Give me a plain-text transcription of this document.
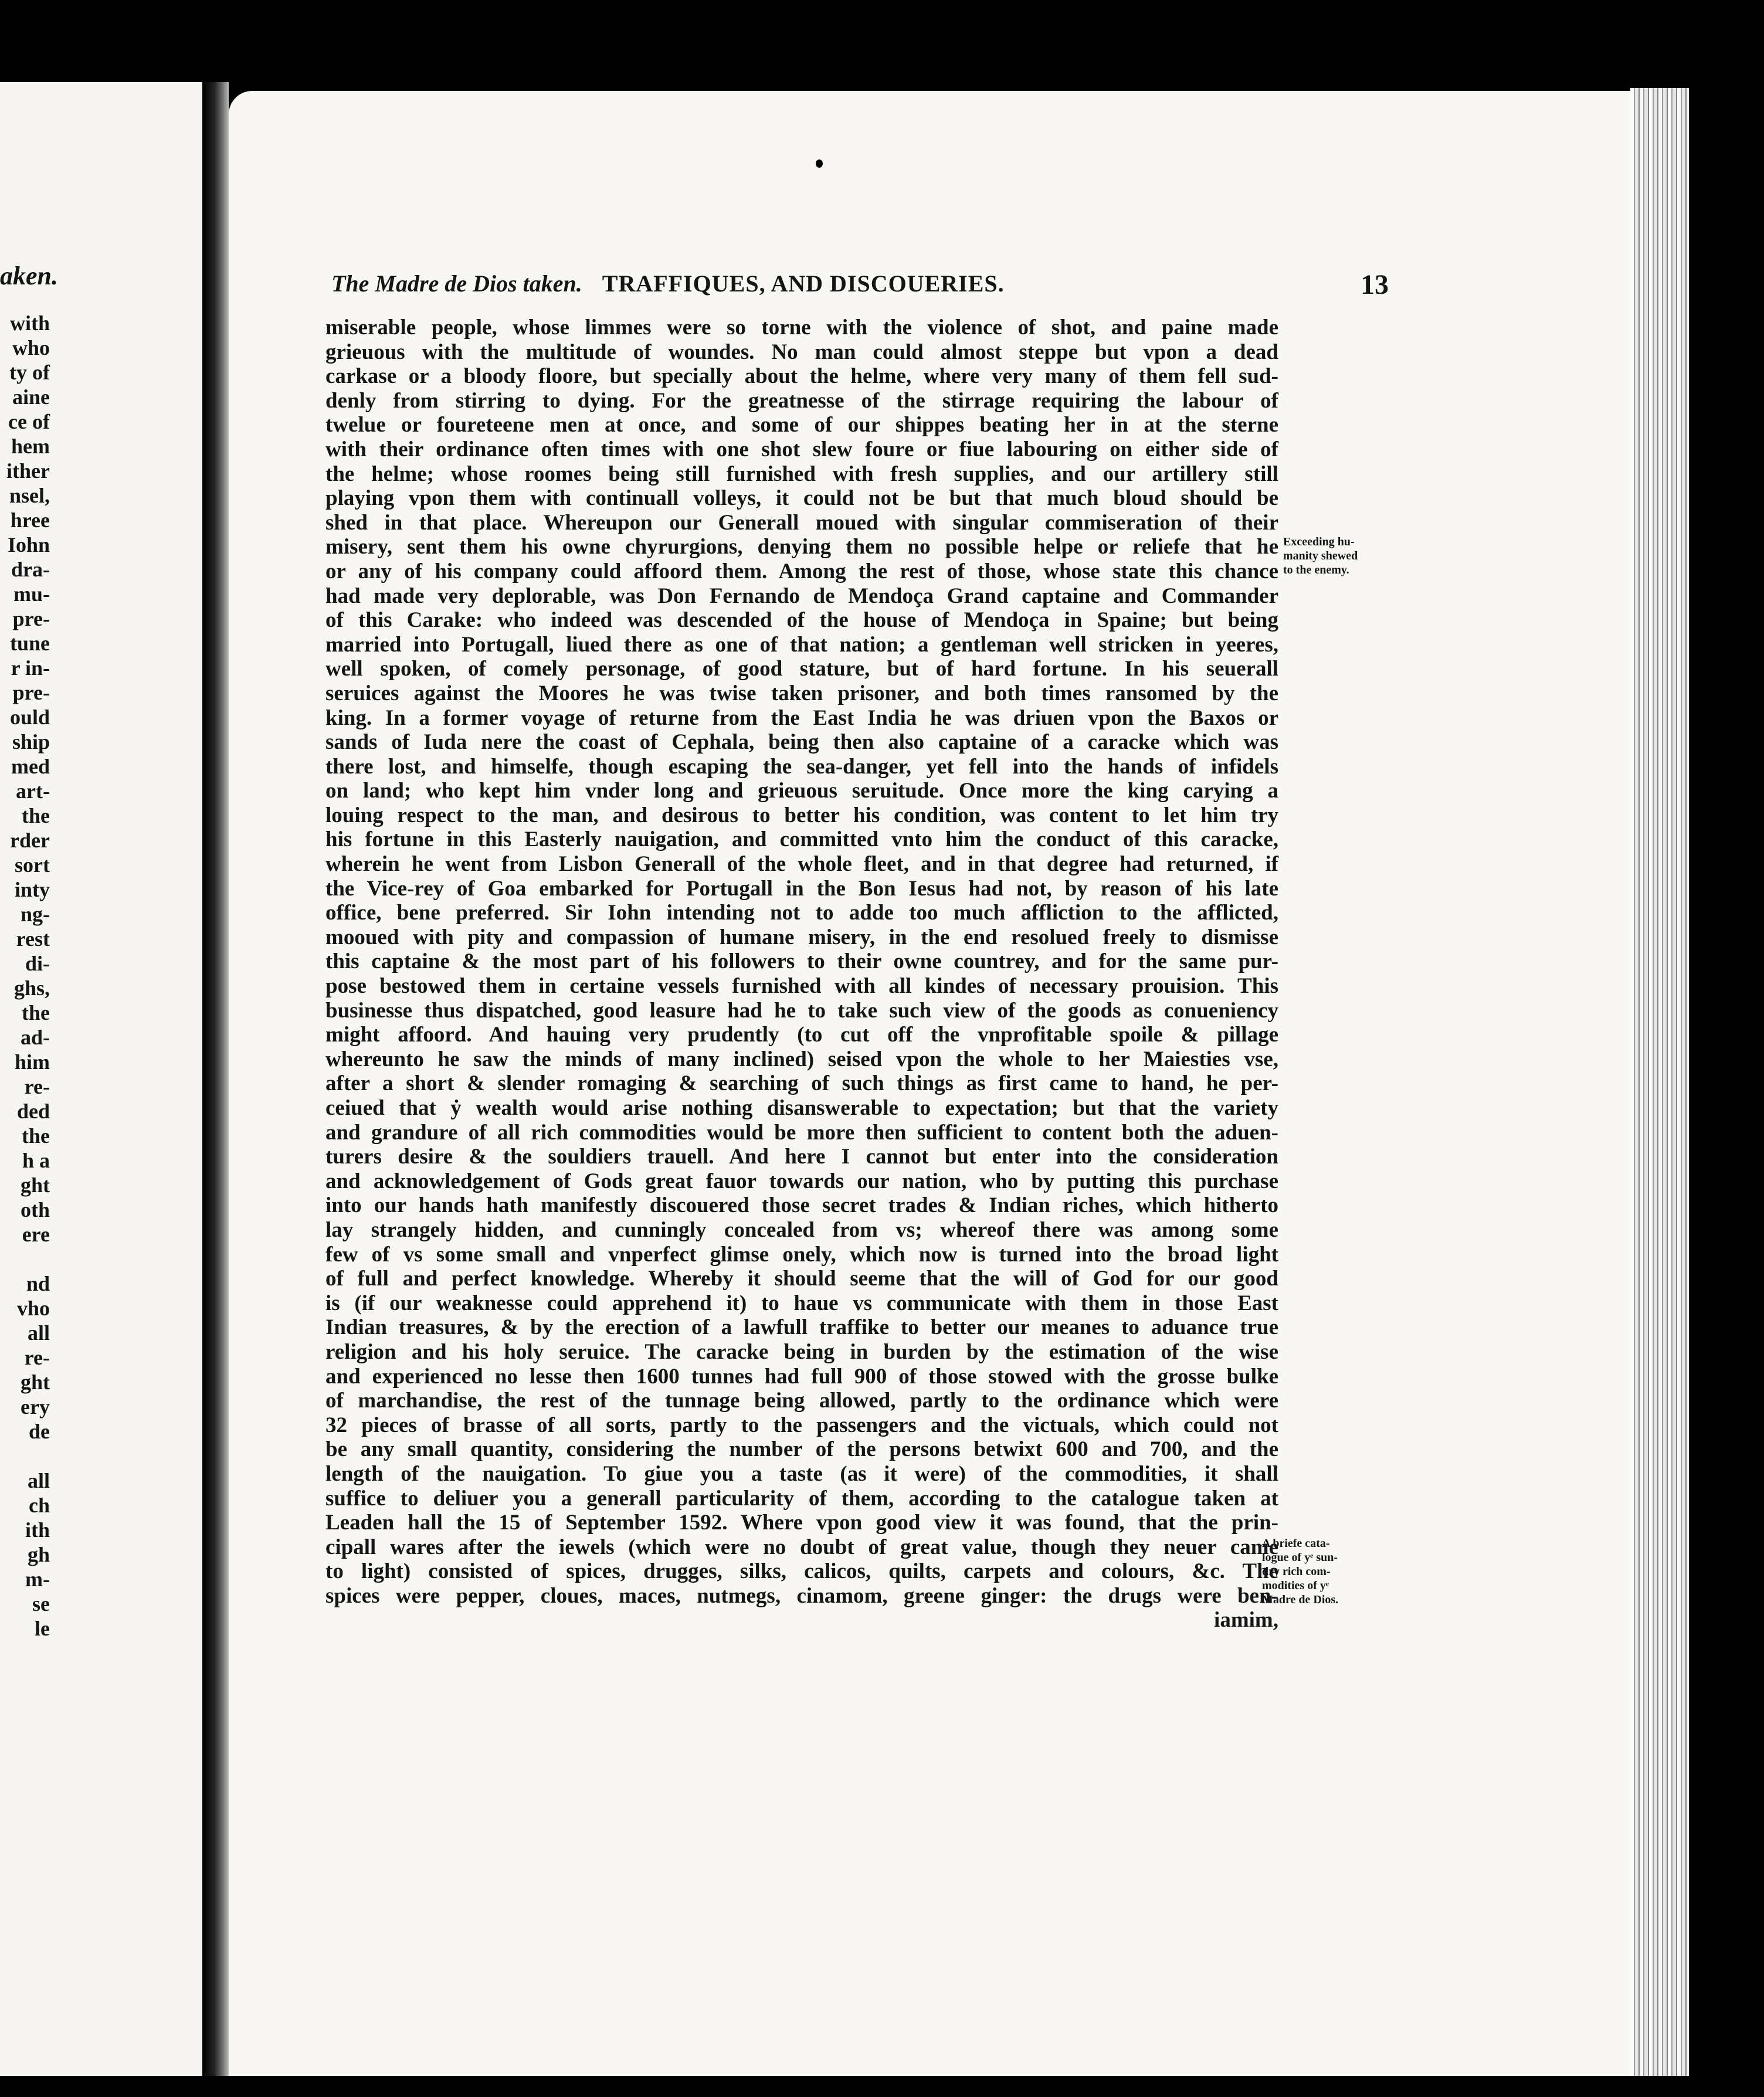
aken.
with
who
ty of
aine
ce of
hem
ither
nsel,
hree
Iohn
dra-
mu-
pre-
tune
r in-
pre-
ould
ship
med
art-
the
rder
sort
inty
ng-
rest
di-
ghs,
the
ad-
him
re-
ded
the
h a
ght
oth
ere
nd
vho
all
re-
ght
ery
de
all
ch
ith
gh
m-
se
le
The Madre de Dios taken. TRAFFIQUES, AND DISCOUERIES.	13
miserable people, whose limmes were so torne with the violence of shot, and paine made
grieuous with the multitude of woundes. No man could almost steppe but vpon a dead
carkase or a bloody floore, but specially about the helme, where very many of them fell sud-
denly from stirring to dying. For the greatnesse of the stirrage requiring the labour of
twelue or foureteene men at once, and some of our shippes beating her in at the sterne
with their ordinance often times with one shot slew foure or fiue labouring on either side of
the helme; whose roomes being still furnished with fresh supplies, and our artillery still
playing vpon them with continuall volleys, it could not be but that much bloud should be
shed in that place. Whereupon our Generall moued with singular commiseration of their
misery, sent them his owne chyrurgions, denying them no possible helpe or reliefe that he
or any of his company could affoord them. Among the rest of those, whose state this chance
had made very deplorable, was Don Fernando de Mendoça Grand captaine and Commander
of this Carake: who indeed was descended of the house of Mendoça in Spaine; but being
married into Portugall, liued there as one of that nation; a gentleman well stricken in yeeres,
well spoken, of comely personage, of good stature, but of hard fortune. In his seuerall
seruices against the Moores he was twise taken prisoner, and both times ransomed by the
king. In a former voyage of returne from the East India he was driuen vpon the Baxos or
sands of Iuda nere the coast of Cephala, being then also captaine of a caracke which was
there lost, and himselfe, though escaping the sea-danger, yet fell into the hands of infidels
on land; who kept him vnder long and grieuous seruitude. Once more the king carying a
louing respect to the man, and desirous to better his condition, was content to let him try
his fortune in this Easterly nauigation, and committed vnto him the conduct of this caracke,
wherein he went from Lisbon Generall of the whole fleet, and in that degree had returned, if
the Vice-rey of Goa embarked for Portugall in the Bon Iesus had not, by reason of his late
office, bene preferred. Sir Iohn intending not to adde too much affliction to the afflicted,
mooued with pity and compassion of humane misery, in the end resolued freely to dismisse
this captaine & the most part of his followers to their owne countrey, and for the same pur-
pose bestowed them in certaine vessels furnished with all kindes of necessary prouision. This
businesse thus dispatched, good leasure had he to take such view of the goods as conueniency
might affoord. And hauing very prudently (to cut off the vnprofitable spoile & pillage
whereunto he saw the minds of many inclined) seised vpon the whole to her Maiesties vse,
after a short & slender romaging & searching of such things as first came to hand, he per-
ceiued that ẏ wealth would arise nothing disanswerable to expectation; but that the variety
and grandure of all rich commodities would be more then sufficient to content both the aduen-
turers desire & the souldiers trauell. And here I cannot but enter into the consideration
and acknowledgement of Gods great fauor towards our nation, who by putting this purchase
into our hands hath manifestly discouered those secret trades & Indian riches, which hitherto
lay strangely hidden, and cunningly concealed from vs; whereof there was among some
few of vs some small and vnperfect glimse onely, which now is turned into the broad light
of full and perfect knowledge. Whereby it should seeme that the will of God for our good
is (if our weaknesse could apprehend it) to haue vs communicate with them in those East
Indian treasures, & by the erection of a lawfull traffike to better our meanes to aduance true
religion and his holy seruice. The caracke being in burden by the estimation of the wise
and experienced no lesse then 1600 tunnes had full 900 of those stowed with the grosse bulke
of marchandise, the rest of the tunnage being allowed, partly to the ordinance which were
32 pieces of brasse of all sorts, partly to the passengers and the victuals, which could not
be any small quantity, considering the number of the persons betwixt 600 and 700, and the
length of the nauigation. To giue you a taste (as it were) of the commodities, it shall
suffice to deliuer you a generall particularity of them, according to the catalogue taken at
Leaden hall the 15 of September 1592. Where vpon good view it was found, that the prin-
cipall wares after the iewels (which were no doubt of great value, though they neuer came
to light) consisted of spices, drugges, silks, calicos, quilts, carpets and colours, &c. The
spices were pepper, cloues, maces, nutmegs, cinamom, greene ginger: the drugs were ben-
iamim,
Exceeding hu-
manity shewed
to the enemy.
A briefe cata-
logue of yᵉ sun-
dry rich com-
modities of yᵉ
Madre de Dios.
